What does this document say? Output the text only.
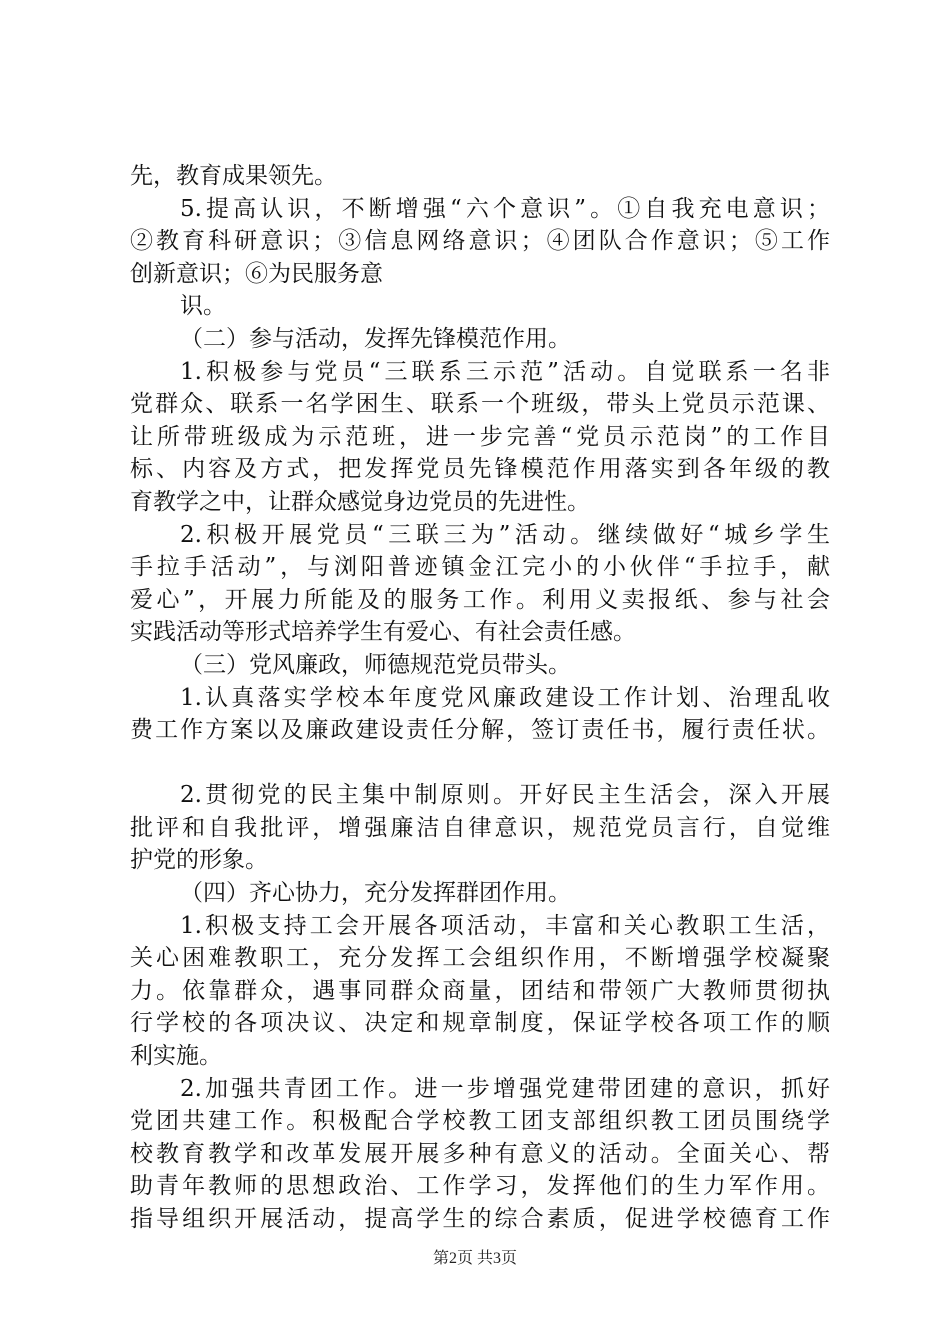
先，教育成果领先。
5.提高认识，不断增强“六个意识”。①自我充电意识；
②教育科研意识；③信息网络意识；④团队合作意识；⑤工作
创新意识；⑥为民服务意
识。
（二）参与活动，发挥先锋模范作用。
1.积极参与党员“三联系三示范”活动。自觉联系一名非
党群众、联系一名学困生、联系一个班级，带头上党员示范课、
让所带班级成为示范班，进一步完善“党员示范岗”的工作目
标、内容及方式，把发挥党员先锋模范作用落实到各年级的教
育教学之中，让群众感觉身边党员的先进性。
2.积极开展党员“三联三为”活动。继续做好“城乡学生
手拉手活动”，与浏阳普迹镇金江完小的小伙伴“手拉手，献
爱心”，开展力所能及的服务工作。利用义卖报纸、参与社会
实践活动等形式培养学生有爱心、有社会责任感。
（三）党风廉政，师德规范党员带头。
1.认真落实学校本年度党风廉政建设工作计划、治理乱收
费工作方案以及廉政建设责任分解，签订责任书，履行责任状。
2.贯彻党的民主集中制原则。开好民主生活会，深入开展
批评和自我批评，增强廉洁自律意识，规范党员言行，自觉维
护党的形象。
（四）齐心协力，充分发挥群团作用。
1.积极支持工会开展各项活动，丰富和关心教职工生活，
关心困难教职工，充分发挥工会组织作用，不断增强学校凝聚
力。依靠群众，遇事同群众商量，团结和带领广大教师贯彻执
行学校的各项决议、决定和规章制度，保证学校各项工作的顺
利实施。
2.加强共青团工作。进一步增强党建带团建的意识，抓好
党团共建工作。积极配合学校教工团支部组织教工团员围绕学
校教育教学和改革发展开展多种有意义的活动。全面关心、帮
助青年教师的思想政治、工作学习，发挥他们的生力军作用。
指导组织开展活动，提高学生的综合素质，促进学校德育工作
第2页 共3页
